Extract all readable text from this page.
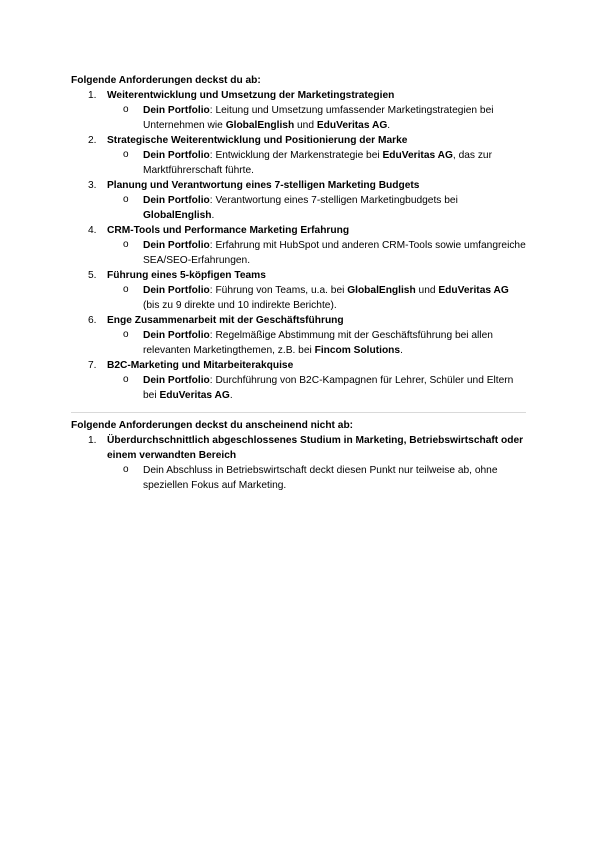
Folgende Anforderungen deckst du ab:

1. Weiterentwicklung und Umsetzung der Marketingstrategien
o Dein Portfolio: Leitung und Umsetzung umfassender Marketingstrategien bei Unternehmen wie GlobalEnglish und EduVeritas AG.
2. Strategische Weiterentwicklung und Positionierung der Marke
o Dein Portfolio: Entwicklung der Markenstrategie bei EduVeritas AG, das zur Marktführerschaft führte.
3. Planung und Verantwortung eines 7-stelligen Marketing Budgets
o Dein Portfolio: Verantwortung eines 7-stelligen Marketingbudgets bei GlobalEnglish.
4. CRM-Tools und Performance Marketing Erfahrung
o Dein Portfolio: Erfahrung mit HubSpot und anderen CRM-Tools sowie umfangreiche SEA/SEO-Erfahrungen.
5. Führung eines 5-köpfigen Teams
o Dein Portfolio: Führung von Teams, u.a. bei GlobalEnglish und EduVeritas AG (bis zu 9 direkte und 10 indirekte Berichte).
6. Enge Zusammenarbeit mit der Geschäftsführung
o Dein Portfolio: Regelmäßige Abstimmung mit der Geschäftsführung bei allen relevanten Marketingthemen, z.B. bei Fincom Solutions.
7. B2C-Marketing und Mitarbeiterakquise
o Dein Portfolio: Durchführung von B2C-Kampagnen für Lehrer, Schüler und Eltern bei EduVeritas AG.

Folgende Anforderungen deckst du anscheinend nicht ab:

1. Überdurchschnittlich abgeschlossenes Studium in Marketing, Betriebswirtschaft oder einem verwandten Bereich
o Dein Abschluss in Betriebswirtschaft deckt diesen Punkt nur teilweise ab, ohne speziellen Fokus auf Marketing.
